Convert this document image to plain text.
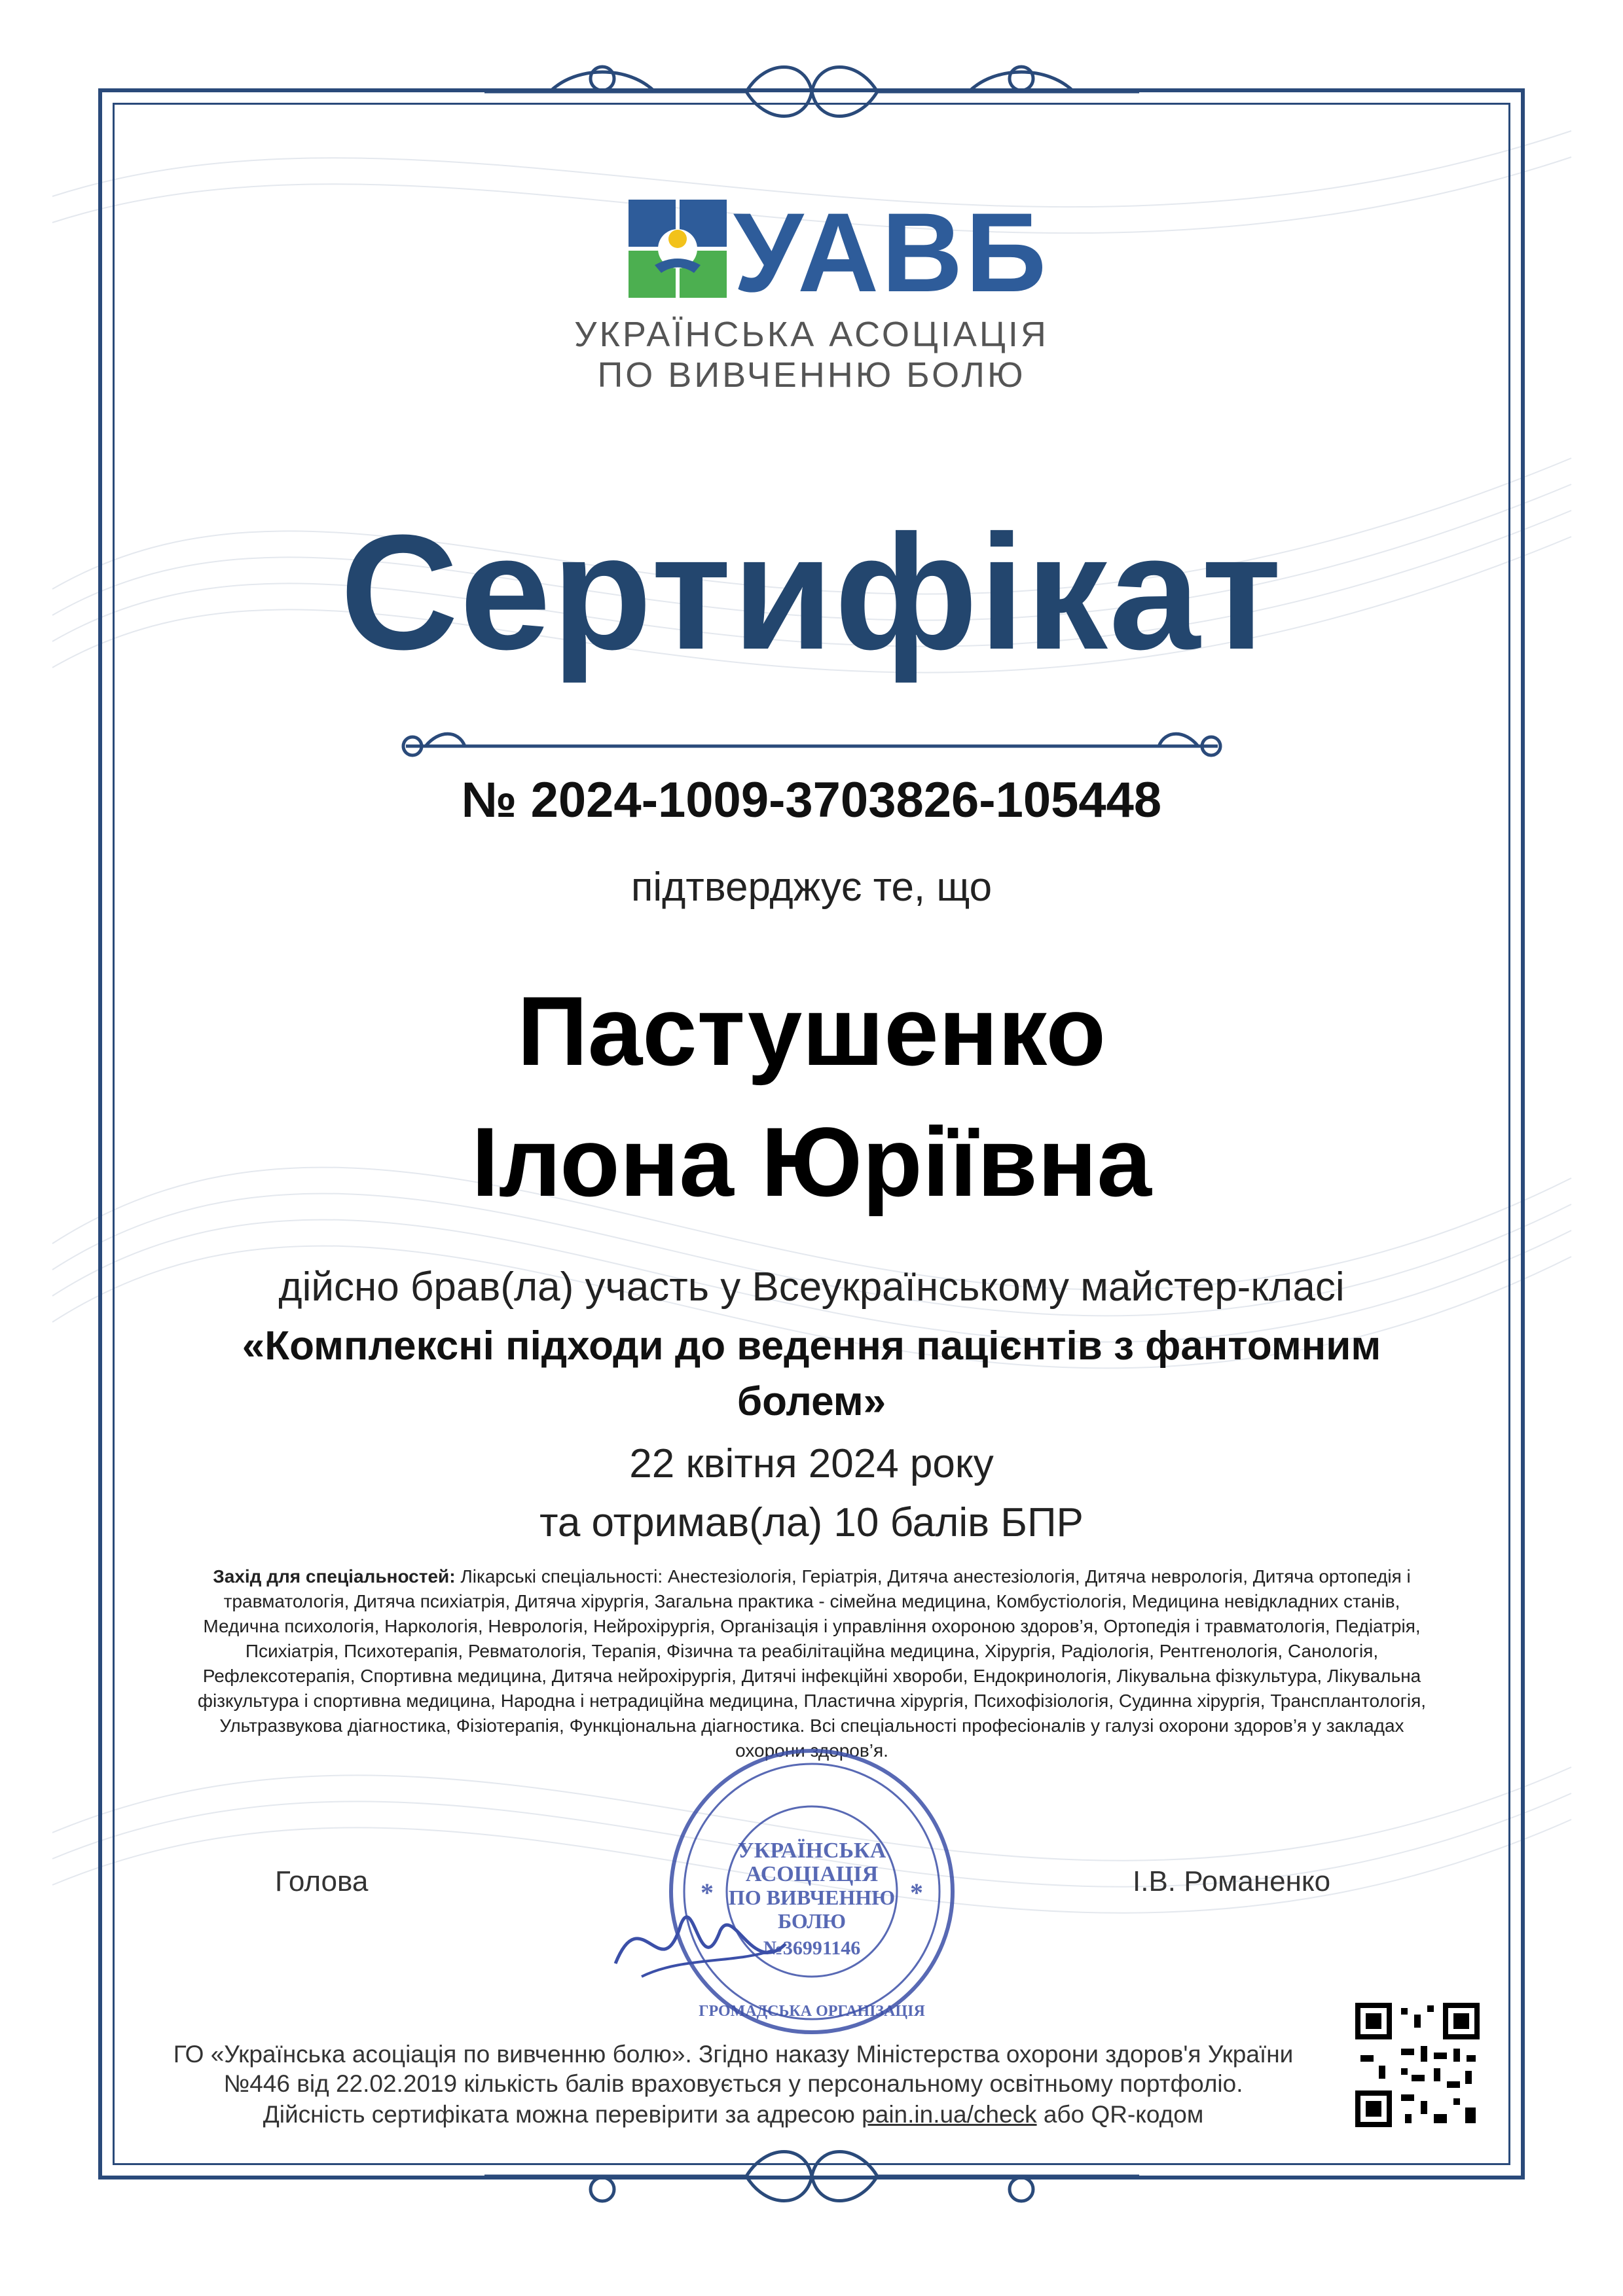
УАВБ
УКРАЇНСЬКА АСОЦІАЦІЯ
ПО ВИВЧЕННЮ БОЛЮ
Сертифікат
№ 2024-1009-3703826-105448
підтверджує те, що
Пастушенко
Ілона Юріївна
дійсно брав(ла) участь у Всеукраїнському майстер-класі
«Комплексні підходи до ведення пацієнтів з фантомним
болем»
22 квітня 2024 року
та отримав(ла) 10 балів БПР
Захід для спеціальностей: Лікарські спеціальності: Анестезіологія, Геріатрія, Дитяча анестезіологія, Дитяча неврологія, Дитяча ортопедія і травматологія, Дитяча психіатрія, Дитяча хірургія, Загальна практика - сімейна медицина, Комбустіологія, Медицина невідкладних станів, Медична психологія, Наркологія, Неврологія, Нейрохірургія, Організація і управління охороною здоров’я, Ортопедія і травматологія, Педіатрія, Психіатрія, Психотерапія, Ревматологія, Терапія, Фізична та реабілітаційна медицина, Хірургія, Радіологія, Рентгенологія, Санологія, Рефлексотерапія, Спортивна медицина, Дитяча нейрохірургія, Дитячі інфекційні хвороби, Ендокринологія, Лікувальна фізкультура, Лікувальна фізкультура і спортивна медицина, Народна і нетрадиційна медицина, Пластична хірургія, Психофізіологія, Судинна хірургія, Трансплантологія, Ультразвукова діагностика, Фізіотерапія, Функціональна діагностика. Всі спеціальності професіоналів у галузі охорони здоров’я у закладах охорони здоров’я.
УКРАЇНСЬКА
АСОЦІАЦІЯ
ПО ВИВЧЕННЮ
БОЛЮ
№36991146
ГРОМАДСЬКА ОРГАНІЗАЦІЯ
*	*
Голова	І.В. Романенко
ГО «Українська асоціація по вивченню болю». Згідно наказу Міністерства охорони здоров'я України
№446 від 22.02.2019 кількість балів враховується у персональному освітньому портфоліо.
Дійсність сертифіката можна перевірити за адресою pain.in.ua/check або QR-кодом
